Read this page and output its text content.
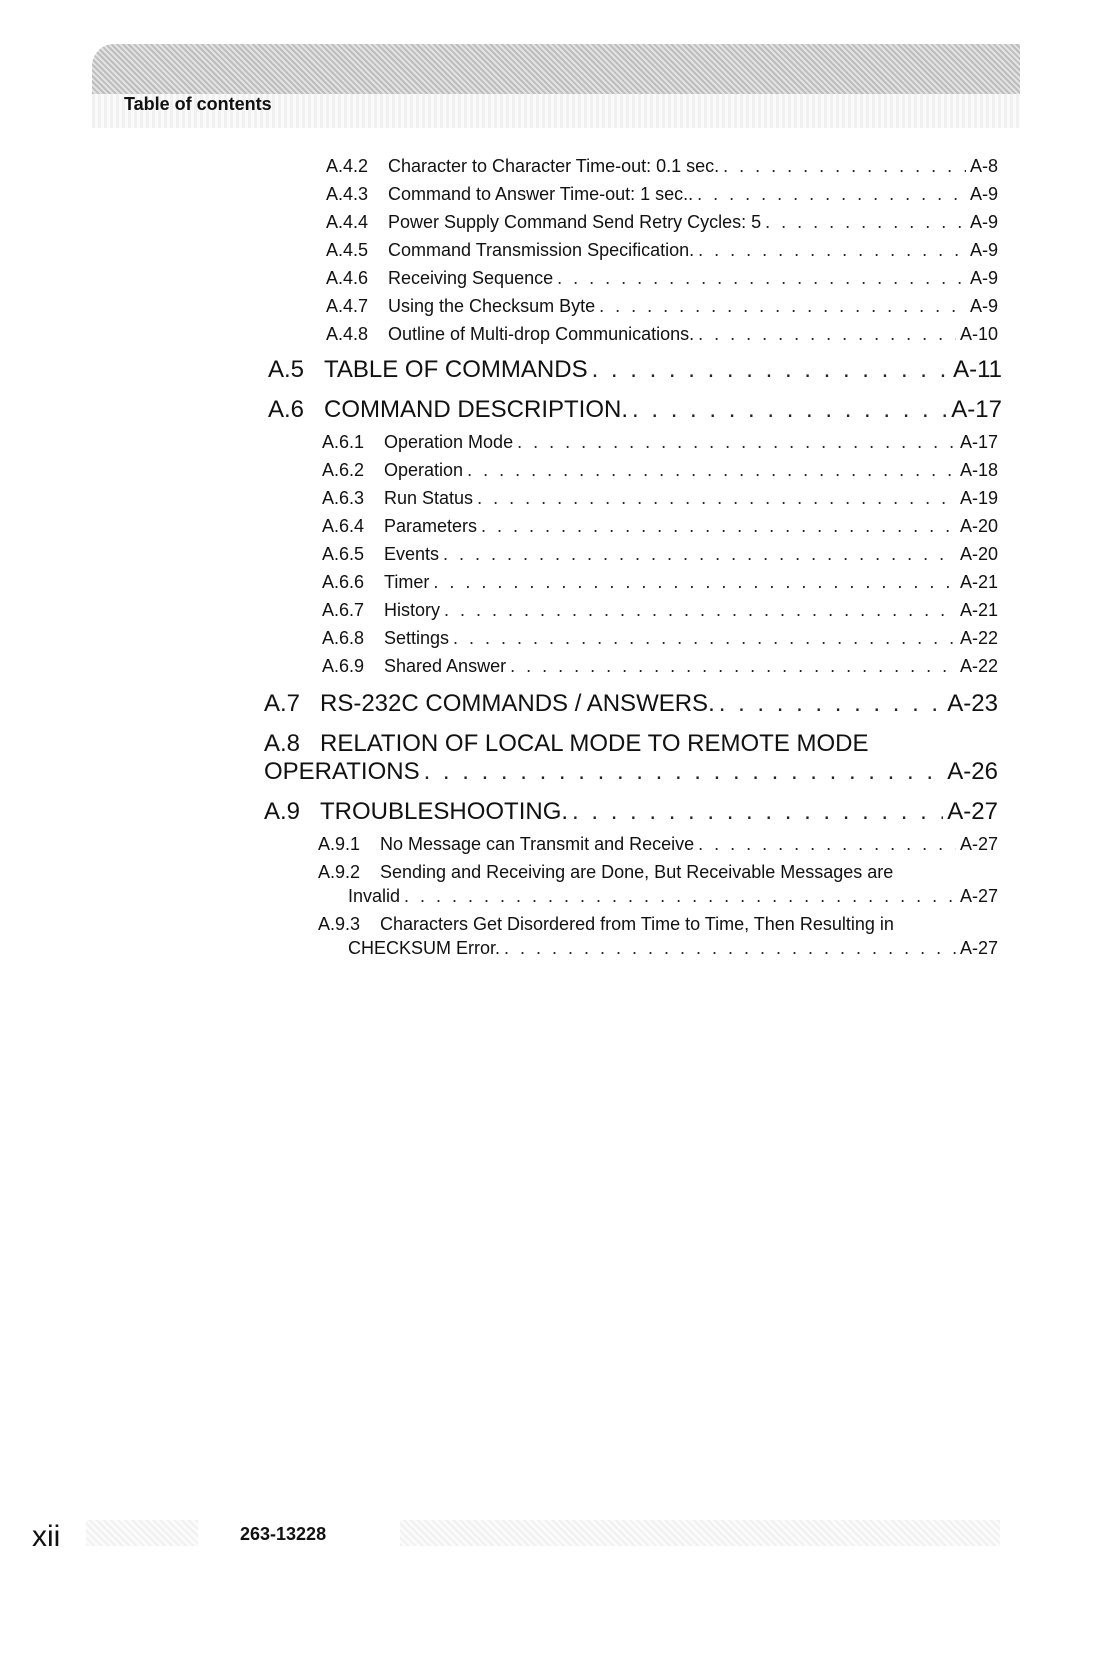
Table of contents
A.4.2	Character to Character Time-out: 0.1 sec. . . .	A-8
A.4.3	Command to Answer Time-out: 1 sec.. . . .	A-9
A.4.4	Power Supply Command Send Retry Cycles: 5 . . .	A-9
A.4.5	Command Transmission Specification. . . .	A-9
A.4.6	Receiving Sequence . . .	A-9
A.4.7	Using the Checksum Byte . . .	A-9
A.4.8	Outline of Multi-drop Communications. . . .	A-10
A.5 TABLE OF COMMANDS . . .	A-11
A.6 COMMAND DESCRIPTION. . . .	A-17
A.6.1	Operation Mode . . .	A-17
A.6.2	Operation . . .	A-18
A.6.3	Run Status . . .	A-19
A.6.4	Parameters . . .	A-20
A.6.5	Events . . .	A-20
A.6.6	Timer . . .	A-21
A.6.7	History . . .	A-21
A.6.8	Settings . . .	A-22
A.6.9	Shared Answer . . .	A-22
A.7 RS-232C COMMANDS / ANSWERS. . . .	A-23
A.8 RELATION OF LOCAL MODE TO REMOTE MODE
OPERATIONS . . .	A-26
A.9 TROUBLESHOOTING. . . .	A-27
A.9.1	No Message can Transmit and Receive . . .	A-27
A.9.2 Sending and Receiving are Done, But Receivable Messages are
Invalid . . .	A-27
A.9.3 Characters Get Disordered from Time to Time, Then Resulting in
CHECKSUM Error. . . .	A-27
xii	263-13228
